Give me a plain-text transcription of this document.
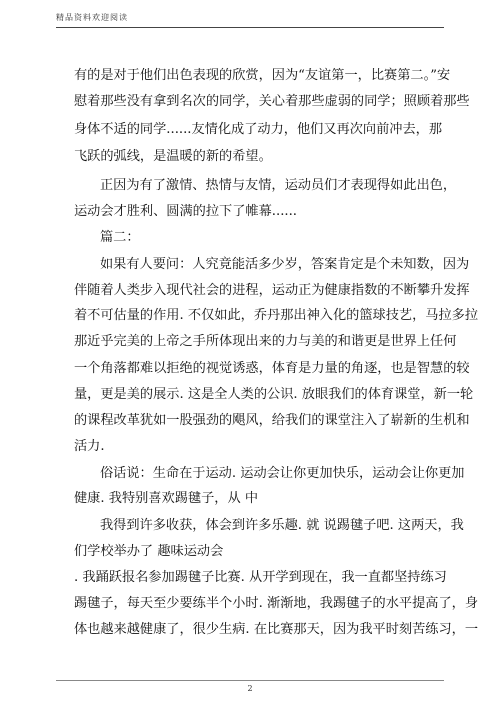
精品资料欢迎阅读
有的是对于他们出色表现的欣赏，因为“友谊第一，比赛第二。”安
慰着那些没有拿到名次的同学，关心着那些虚弱的同学；照顾着那些
身体不适的同学......友情化成了动力，他们又再次向前冲去，那
飞跃的弧线，是温暖的新的希望。
正因为有了激情、热情与友情，运动员们才表现得如此出色，
运动会才胜利、圆满的拉下了帷幕......
篇二：
如果有人要问：人究竟能活多少岁，答案肯定是个未知数，因为
伴随着人类步入现代社会的进程，运动正为健康指数的不断攀升发挥
着不可估量的作用. 不仅如此，乔丹那出神入化的篮球技艺，马拉多拉
那近乎完美的上帝之手所体现出来的力与美的和谐更是世界上任何
一个角落都难以拒绝的视觉诱惑，体育是力量的角逐，也是智慧的较
量，更是美的展示. 这是全人类的公识. 放眼我们的体育课堂，新一轮
的课程改革犹如一股强劲的飓风，给我们的课堂注入了崭新的生机和
活力.
俗话说：生命在于运动. 运动会让你更加快乐，运动会让你更加
健康. 我特别喜欢踢毽子，从 中
我得到许多收获，体会到许多乐趣. 就 说踢毽子吧. 这两天，我
们学校举办了 趣味运动会
. 我踊跃报名参加踢毽子比赛. 从开学到现在，我一直都坚持练习
踢毽子，每天至少要练半个小时. 渐渐地，我踢毽子的水平提高了，身
体也越来越健康了，很少生病. 在比赛那天，因为我平时刻苦练习，一
2
